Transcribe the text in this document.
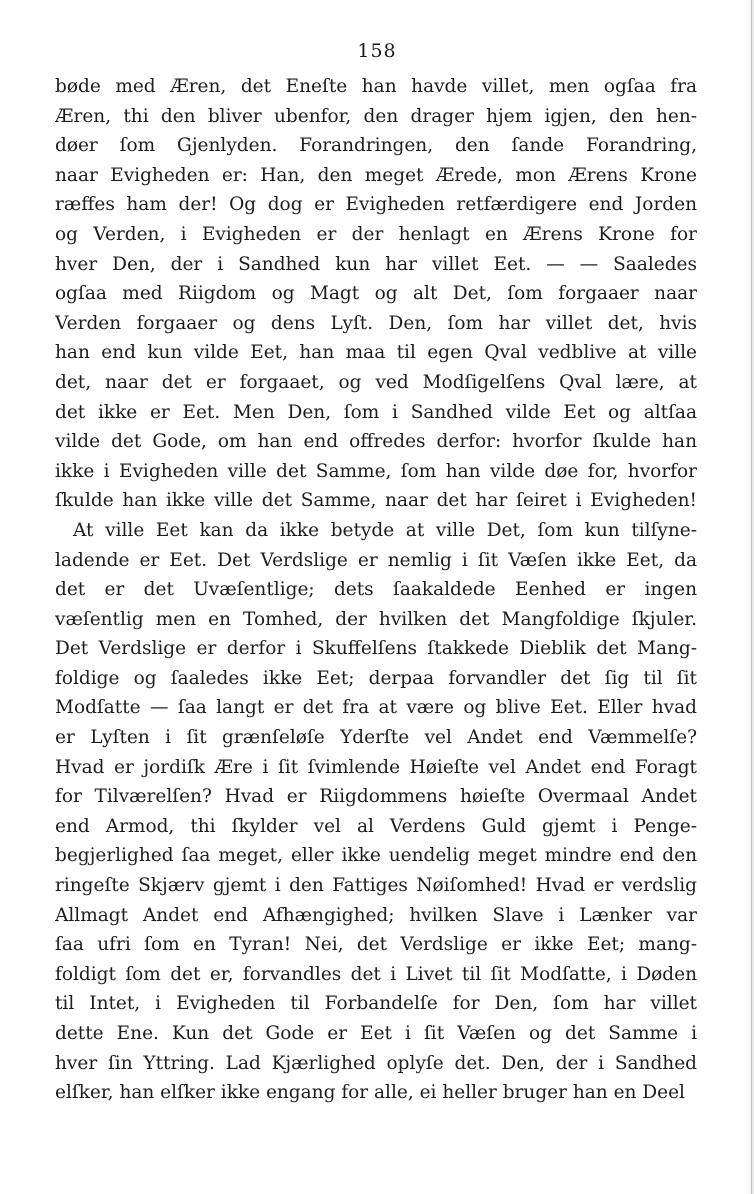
158
bøde med Æren, det Eneſte han havde villet, men ogſaa fra
Æren, thi den bliver ubenfor, den drager hjem igjen, den hen-
døer ſom Gjenlyden. Forandringen, den ſande Forandring,
naar Evigheden er: Han, den meget Ærede, mon Ærens Krone
ræffes ham der! Og dog er Evigheden retfærdigere end Jorden
og Verden, i Evigheden er der henlagt en Ærens Krone for
hver Den, der i Sandhed kun har villet Eet. — — Saaledes
ogſaa med Riigdom og Magt og alt Det, ſom forgaaer naar
Verden forgaaer og dens Lyſt. Den, ſom har villet det, hvis
han end kun vilde Eet, han maa til egen Qval vedblive at ville
det, naar det er forgaaet, og ved Modſigelſens Qval lære, at
det ikke er Eet. Men Den, ſom i Sandhed vilde Eet og altſaa
vilde det Gode, om han end offredes derfor: hvorfor ſkulde han
ikke i Evigheden ville det Samme, ſom han vilde døe for, hvorfor
ſkulde han ikke ville det Samme, naar det har ſeiret i Evigheden!
At ville Eet kan da ikke betyde at ville Det, ſom kun tilſyne-
ladende er Eet. Det Verdslige er nemlig i ſit Væſen ikke Eet, da
det er det Uvæſentlige; dets ſaakaldede Eenhed er ingen
væſentlig men en Tomhed, der hvilken det Mangfoldige ſkjuler.
Det Verdslige er derfor i Skuffelſens ſtakkede Dieblik det Mang-
foldige og ſaaledes ikke Eet; derpaa forvandler det ſig til ſit
Modſatte — ſaa langt er det fra at være og blive Eet. Eller hvad
er Lyſten i ſit grænſeløſe Yderſte vel Andet end Væmmelſe?
Hvad er jordiſk Ære i ſit ſvimlende Høieſte vel Andet end Foragt
for Tilværelſen? Hvad er Riigdommens høieſte Overmaal Andet
end Armod, thi ſkylder vel al Verdens Guld gjemt i Penge-
begjerlighed ſaa meget, eller ikke uendelig meget mindre end den
ringeſte Skjærv gjemt i den Fattiges Nøiſomhed! Hvad er verdslig
Allmagt Andet end Afhængighed; hvilken Slave i Lænker var
ſaa ufri ſom en Tyran! Nei, det Verdslige er ikke Eet; mang-
foldigt ſom det er, forvandles det i Livet til ſit Modſatte, i Døden
til Intet, i Evigheden til Forbandelſe for Den, ſom har villet
dette Ene. Kun det Gode er Eet i ſit Væſen og det Samme i
hver ſin Yttring. Lad Kjærlighed oplyſe det. Den, der i Sandhed
elſker, han elſker ikke engang for alle, ei heller bruger han en Deel
